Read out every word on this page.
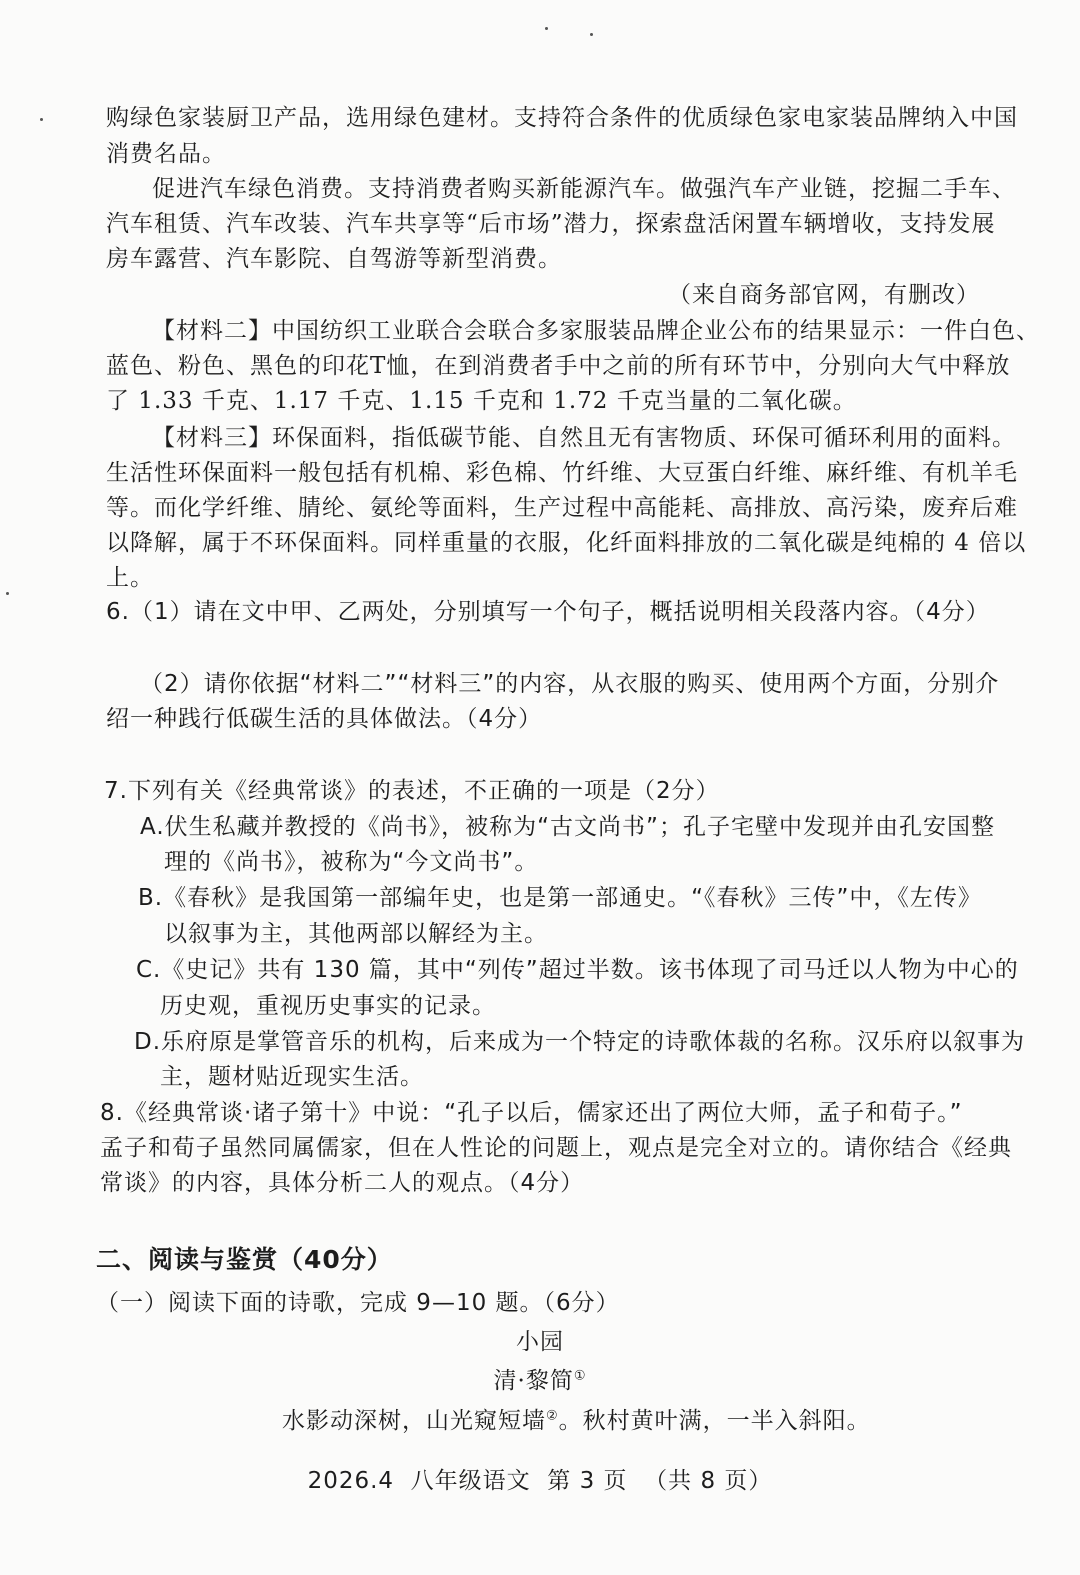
购绿色家装厨卫产品，选用绿色建材。支持符合条件的优质绿色家电家装品牌纳入中国
消费名品。
促进汽车绿色消费。支持消费者购买新能源汽车。做强汽车产业链，挖掘二手车、
汽车租赁、汽车改装、汽车共享等“后市场”潜力，探索盘活闲置车辆增收，支持发展
房车露营、汽车影院、自驾游等新型消费。
（来自商务部官网，有删改）
【材料二】中国纺织工业联合会联合多家服装品牌企业公布的结果显示：一件白色、
蓝色、粉色、黑色的印花T恤，在到消费者手中之前的所有环节中，分别向大气中释放
了 1.33 千克、1.17 千克、1.15 千克和 1.72 千克当量的二氧化碳。
【材料三】环保面料，指低碳节能、自然且无有害物质、环保可循环利用的面料。
生活性环保面料一般包括有机棉、彩色棉、竹纤维、大豆蛋白纤维、麻纤维、有机羊毛
等。而化学纤维、腈纶、氨纶等面料，生产过程中高能耗、高排放、高污染，废弃后难
以降解，属于不环保面料。同样重量的衣服，化纤面料排放的二氧化碳是纯棉的 4 倍以
上。
6.（1）请在文中甲、乙两处，分别填写一个句子，概括说明相关段落内容。（4分）
（2）请你依据“材料二”“材料三”的内容，从衣服的购买、使用两个方面，分别介
绍一种践行低碳生活的具体做法。（4分）
7.下列有关《经典常谈》的表述，不正确的一项是（2分）
A.伏生私藏并教授的《尚书》，被称为“古文尚书”；孔子宅壁中发现并由孔安国整
理的《尚书》，被称为“今文尚书”。
B.《春秋》是我国第一部编年史，也是第一部通史。“《春秋》三传”中，《左传》
以叙事为主，其他两部以解经为主。
C.《史记》共有 130 篇，其中“列传”超过半数。该书体现了司马迁以人物为中心的
历史观，重视历史事实的记录。
D.乐府原是掌管音乐的机构，后来成为一个特定的诗歌体裁的名称。汉乐府以叙事为
主，题材贴近现实生活。
8.《经典常谈·诸子第十》中说：“孔子以后，儒家还出了两位大师，孟子和荀子。”
孟子和荀子虽然同属儒家，但在人性论的问题上，观点是完全对立的。请你结合《经典
常谈》的内容，具体分析二人的观点。（4分）
二、阅读与鉴赏（40分）
（一）阅读下面的诗歌，完成 9—10 题。（6分）
小园
清·黎简①
水影动深树，山光窥短墙②。秋村黄叶满，一半入斜阳。
2026.4  八年级语文  第 3 页  （共 8 页）
